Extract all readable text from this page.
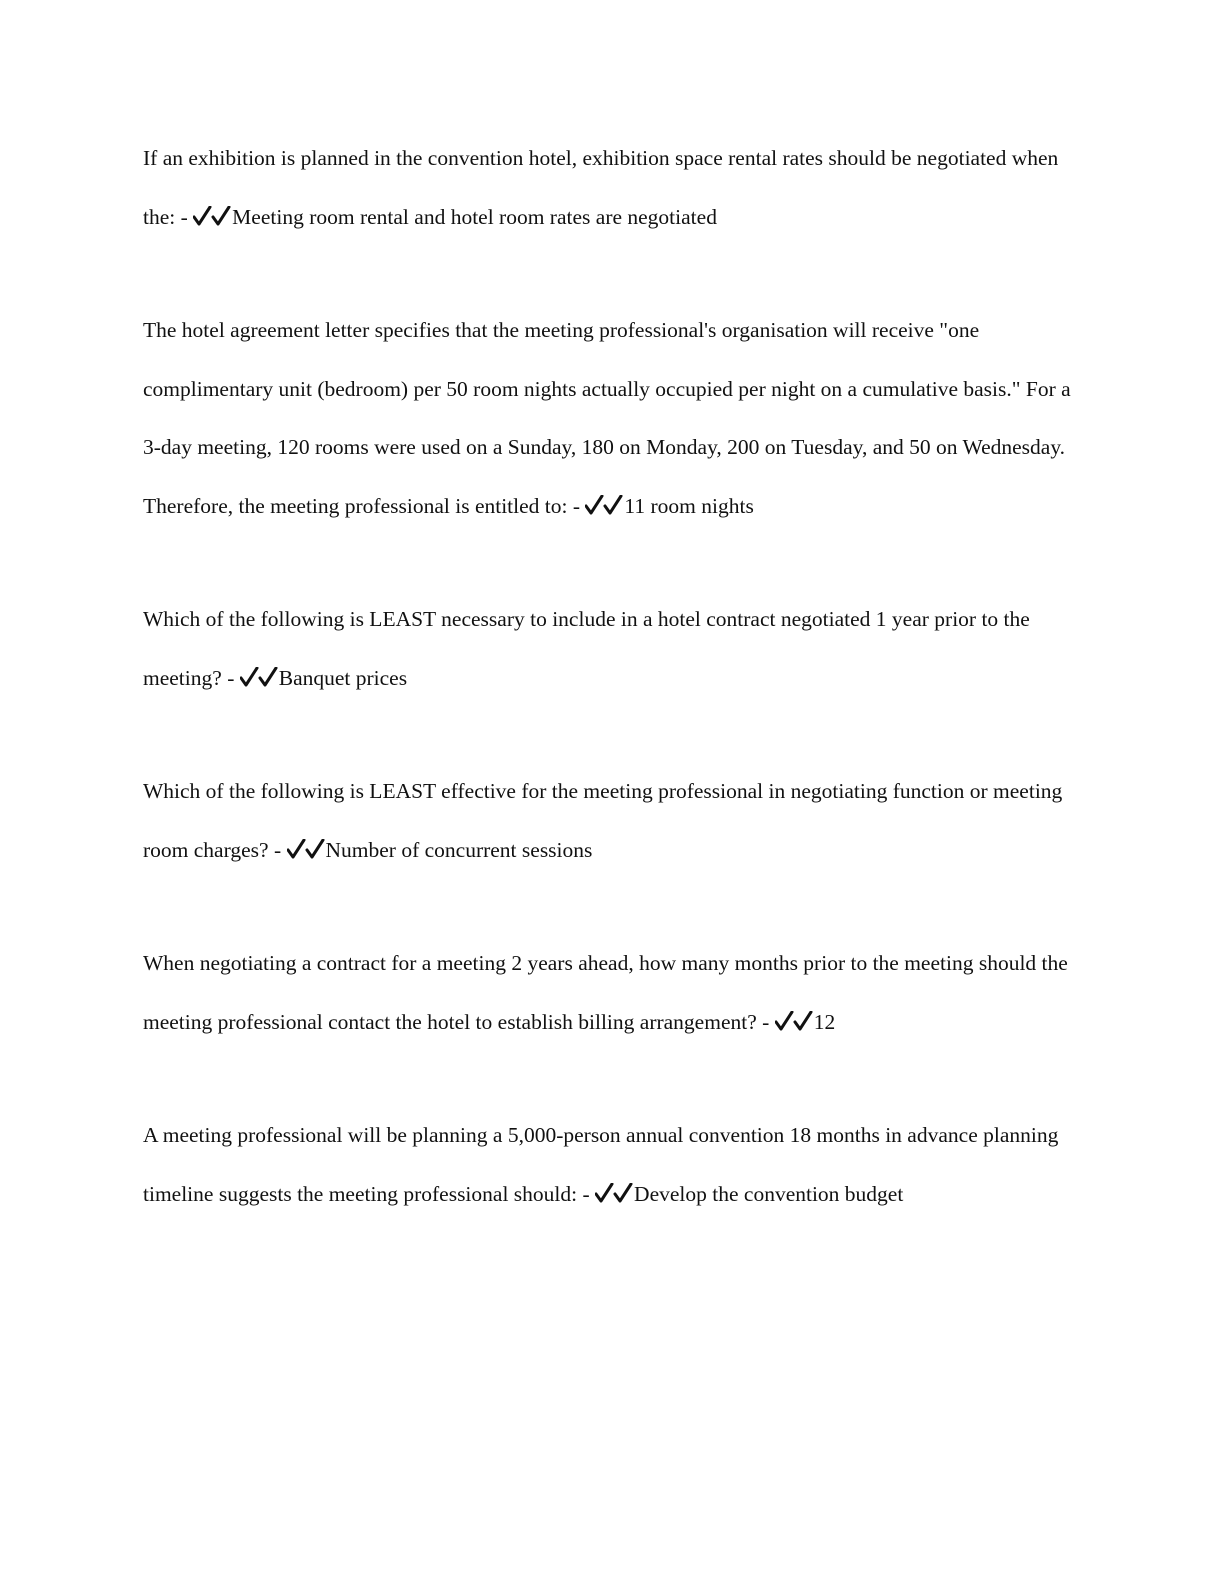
If an exhibition is planned in the convention hotel, exhibition space rental rates should be negotiated when the: -
Meeting room rental and hotel room rates are negotiated

The hotel agreement letter specifies that the meeting professional's organisation will receive "one complimentary unit (bedroom) per 50 room nights actually occupied per night on a cumulative basis." For a 3-day meeting, 120 rooms were used on a Sunday, 180 on Monday, 200 on Tuesday, and 50 on Wednesday. Therefore, the meeting professional is entitled to: -
11 room nights

Which of the following is LEAST necessary to include in a hotel contract negotiated 1 year prior to the meeting? -
Banquet prices

Which of the following is LEAST effective for the meeting professional in negotiating function or meeting room charges? -
Number of concurrent sessions

When negotiating a contract for a meeting 2 years ahead, how many months prior to the meeting should the meeting professional contact the hotel to establish billing arrangement? -
12

A meeting professional will be planning a 5,000-person annual convention 18 months in advance planning timeline suggests the meeting professional should: -
Develop the convention budget
